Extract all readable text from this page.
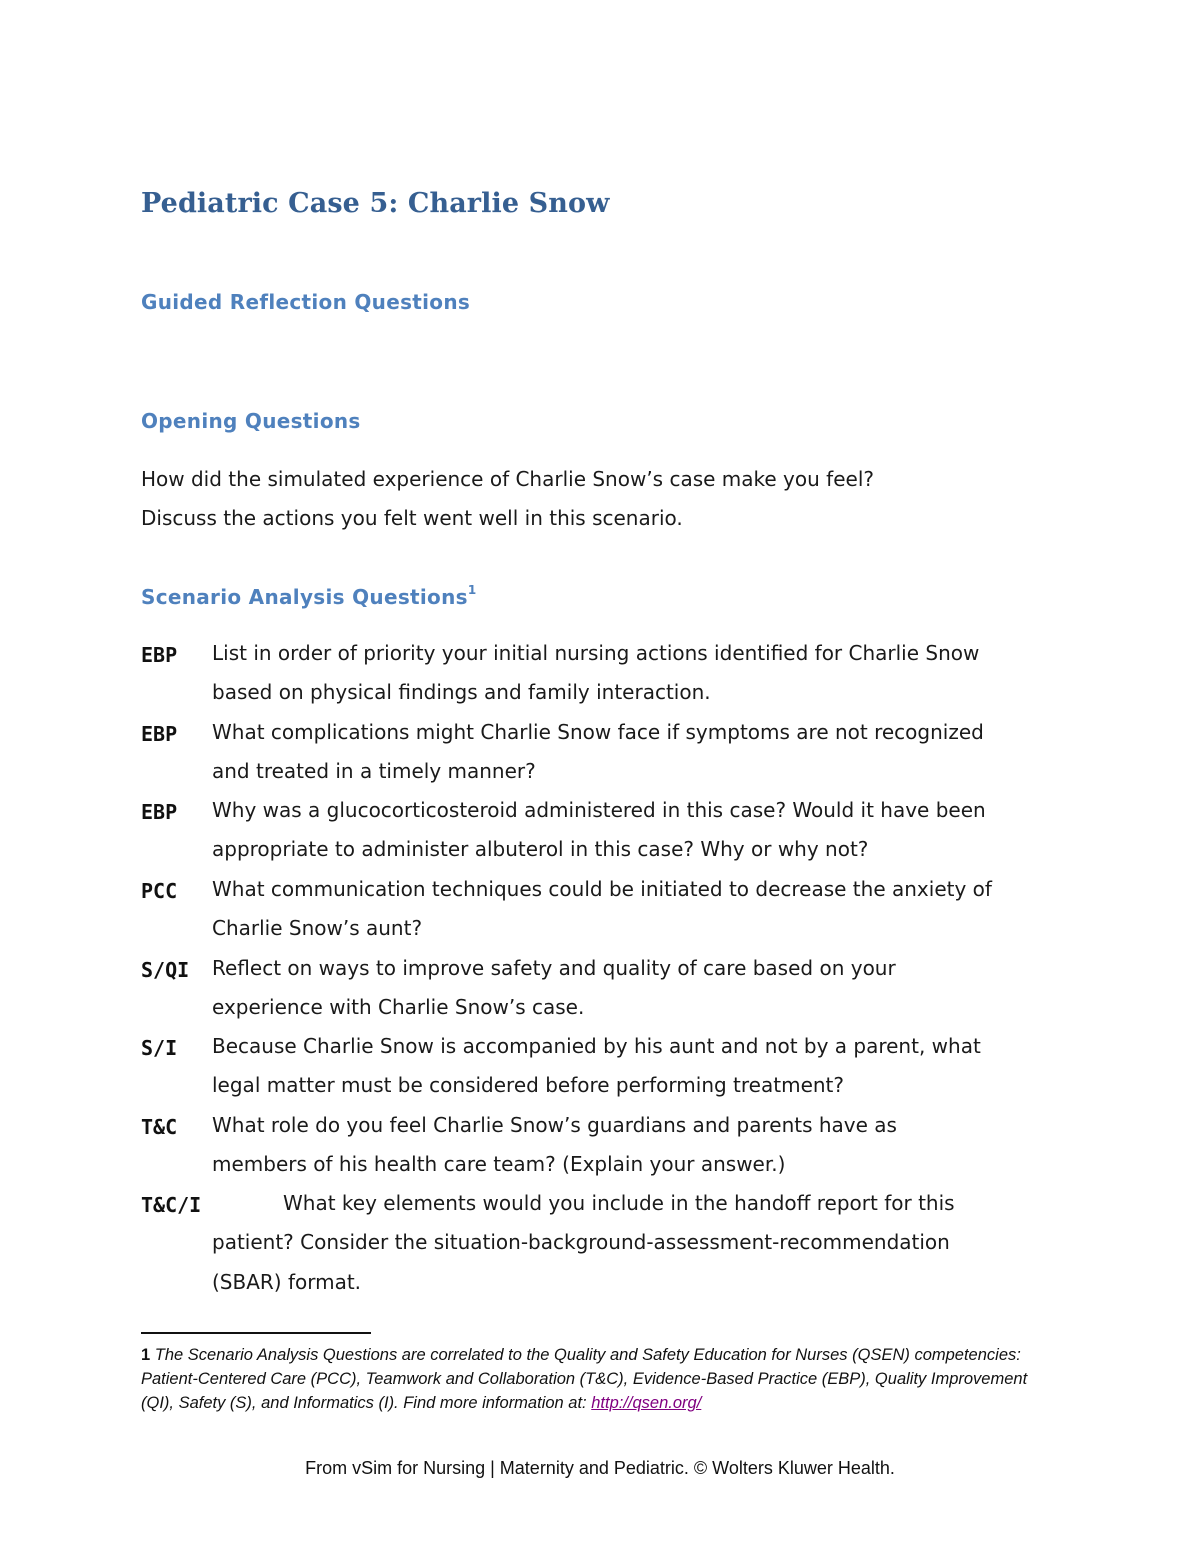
Pediatric Case 5: Charlie Snow
Guided Reflection Questions
Opening Questions

How did the simulated experience of Charlie Snow’s case make you feel?

Discuss the actions you felt went well in this scenario.

Scenario Analysis Questions$^1$
EBP List in order of priority your initial nursing actions identified for Charlie Snow
based on physical findings and family interaction.
EBP What complications might Charlie Snow face if symptoms are not recognized
and treated in a timely manner?
EBP Why was a glucocorticosteroid administered in this case? Would it have been
appropriate to administer albuterol in this case? Why or why not?
PCC What communication techniques could be initiated to decrease the anxiety of
Charlie Snow’s aunt?
S/QI Reflect on ways to improve safety and quality of care based on your
experience with Charlie Snow’s case.
S/I Because Charlie Snow is accompanied by his aunt and not by a parent, what
legal matter must be considered before performing treatment?
T&C What role do you feel Charlie Snow’s guardians and parents have as
members of his health care team? (Explain your answer.)
T&C/I	What key elements would you include in the handoff report for this
patient? Consider the situation-background-assessment-recommendation
(SBAR) format.

1 The Scenario Analysis Questions are correlated to the Quality and Safety Education for Nurses (QSEN) competencies: Patient-Centered Care (PCC), Teamwork and Collaboration (T&C), Evidence-Based Practice (EBP), Quality Improvement (QI), Safety (S), and Informatics (I). Find more information at: http://qsen.org/

From vSim for Nursing | Maternity and Pediatric. © Wolters Kluwer Health.
